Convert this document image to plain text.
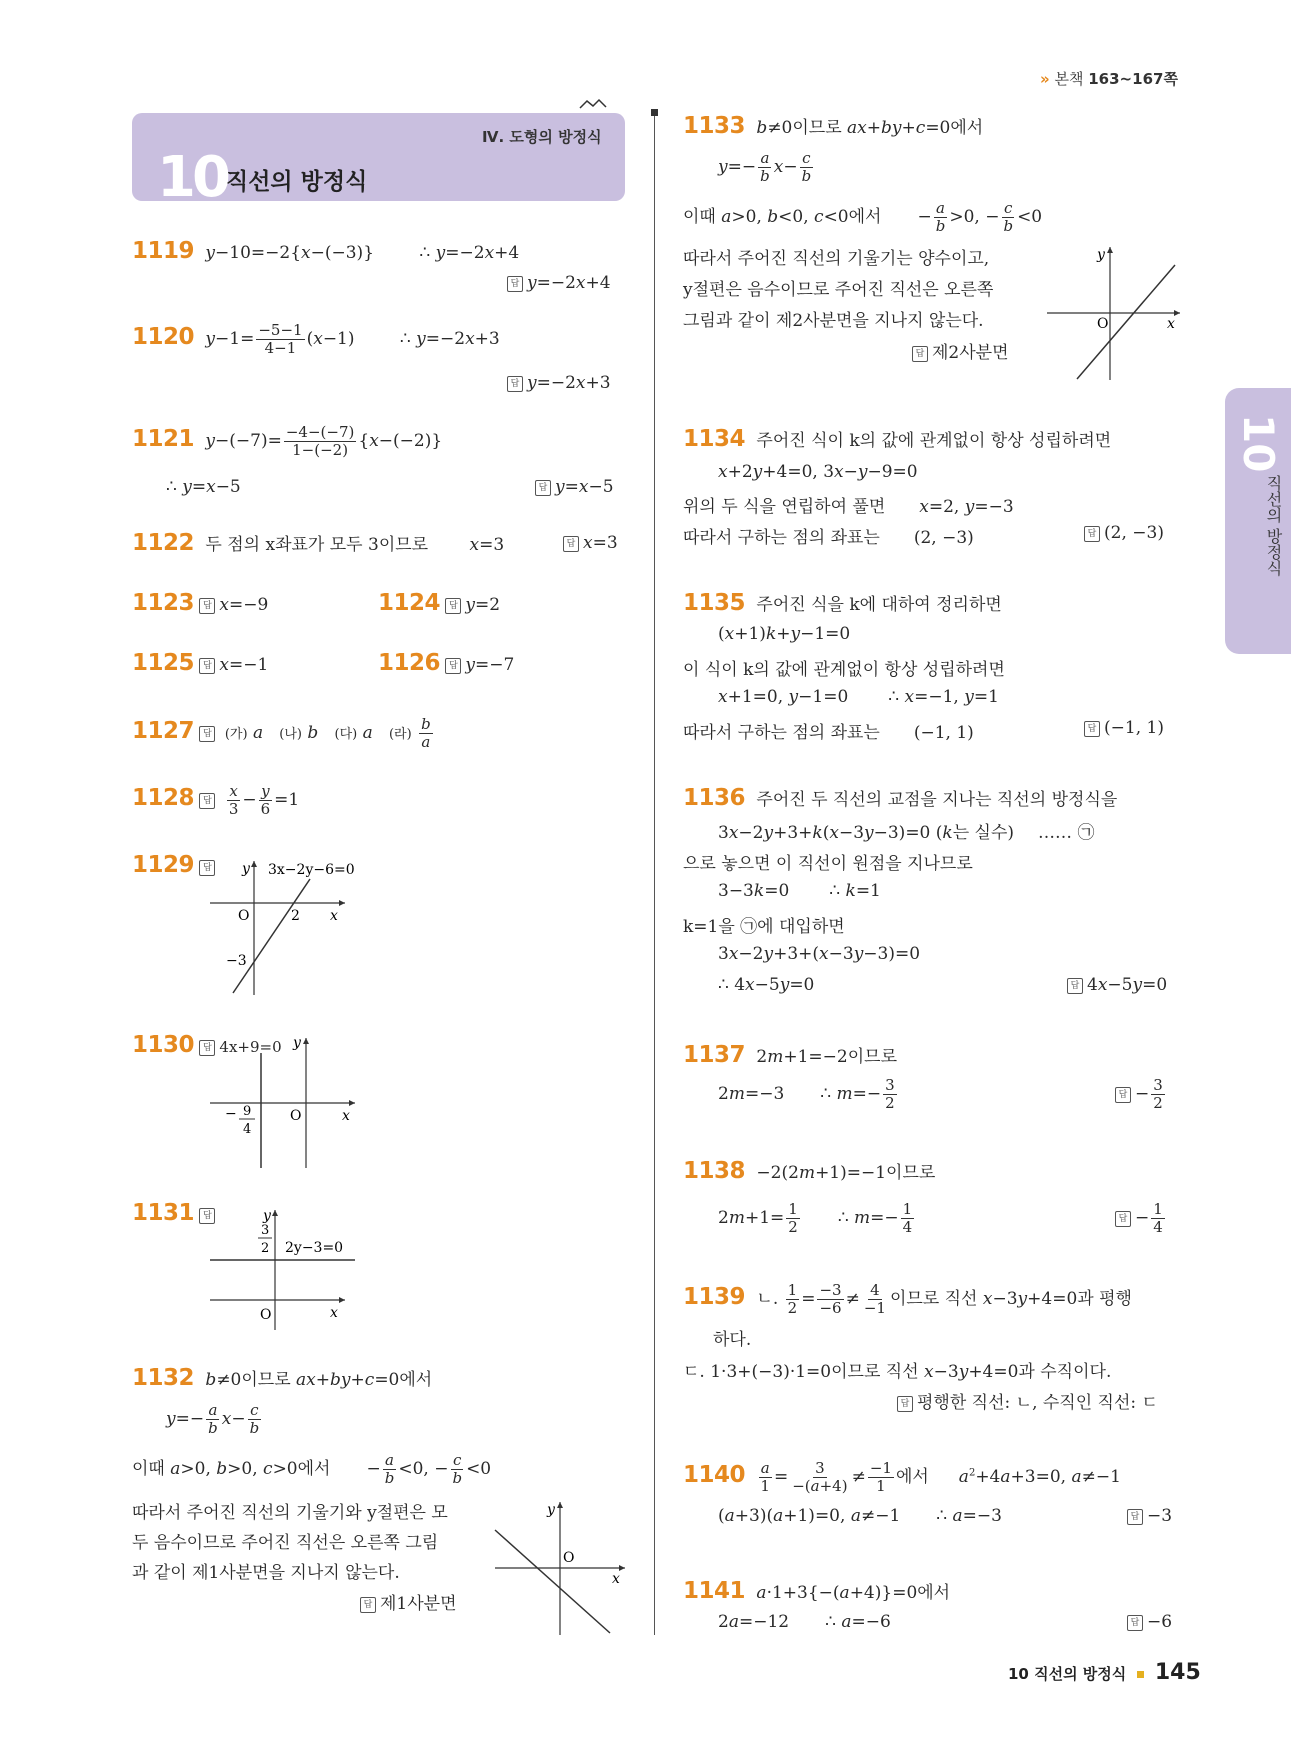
» 본책 163~167쪽
Ⅳ. 도형의 방정식
10 직선의 방정식
10
직선의 방정식
1119 y−10=−2{x−(−3)}	∴ y=−2x+4
답 y=−2x+4
1120 $y-1= \frac{-5-1}{4-1} (x-1)$	∴ y=−2x+3
답 y=−2x+3
1121 $y-(-7)= \frac{-4-(-7)}{1-(-2)} \{x-(-2)\}$
∴ y=x−5	답 y=x−5
1122 두 점의 x좌표가 모두 3이므로 x=3	답 x=3
1123 답 x=−9	1124 답 y=2
1125 답 x=−1	1126 답 y=−7
1127 답 (가) a (나) b (다) a (라) $\frac{b}{a}$
1128 답 $\frac{x}{3} - \frac{y}{6} =1$
1129 답	y 3x−2y−6=0
O	2 x
−3
1130 답 4x+9=0 y
O	x
− 9
4
1131 답	y
3
2 2y−3=0
O	x
1132 b≠0이므로 ax+by+c=0에서
$y=- \frac{a}{b} x- \frac{c}{b}$
이때 a>0, b>0, c>0에서 − $\frac{a}{b} <0$, − $\frac{c}{b} <0$
따라서 주어진 직선의 기울기와 y절편은 모
두 음수이므로 주어진 직선은 오른쪽 그림
과 같이 제1사분면을 지나지 않는다.
답 제1사분면
y
O
x
1133 b≠0이므로 ax+by+c=0에서
$y=- \frac{a}{b} x- \frac{c}{b}$
이때 a>0, b<0, c<0에서 − $\frac{a}{b} >0$, − $\frac{c}{b} <0$
따라서 주어진 직선의 기울기는 양수이고,
y절편은 음수이므로 주어진 직선은 오른쪽
그림과 같이 제2사분면을 지나지 않는다.
답 제2사분면
y
O	x
1134 주어진 식이 k의 값에 관계없이 항상 성립하려면
x+2y+4=0, 3x−y−9=0
위의 두 식을 연립하여 풀면 x=2, y=−3
따라서 구하는 점의 좌표는 (2, −3)	답 (2, −3)
1135 주어진 식을 k에 대하여 정리하면
(x+1)k+y−1=0
이 식이 k의 값에 관계없이 항상 성립하려면
x+1=0, y−1=0 ∴ x=−1, y=1
따라서 구하는 점의 좌표는 (−1, 1)	답 (−1, 1)
1136 주어진 두 직선의 교점을 지나는 직선의 방정식을
3x−2y+3+k(x−3y−3)=0 (k는 실수) …… ㉠
으로 놓으면 이 직선이 원점을 지나므로
3−3k=0 ∴ k=1
k=1을 ㉠에 대입하면
3x−2y+3+(x−3y−3)=0
∴ 4x−5y=0	답 4x−5y=0
1137 2m+1=−2이므로
2m=−3 ∴ $m=- \frac{3}{2}$	답 − $\frac{3}{2}$
1138 −2(2m+1)=−1이므로
$2m+1= \frac{1}{2}$ ∴ $m=- \frac{1}{4}$	답 − $\frac{1}{4}$
1139 ㄴ. $\frac{1}{2} = \frac{-3}{-6} \ne \frac{4}{-1}$ 이므로 직선 x−3y+4=0과 평행
하다.
ㄷ. 1·3+(−3)·1=0이므로 직선 x−3y+4=0과 수직이다.
답 평행한 직선: ㄴ, 수직인 직선: ㄷ
$1140 \frac{a}{1} = \frac{3}{-(a+4)} \ne \frac{-1}{1}$ 에서 $a^2+4a+3=0$, a≠−1
(a+3)(a+1)=0, a≠−1 ∴ a=−3	답 −3
1141 a·1+3{−(a+4)}=0에서
2a=−12 ∴ a=−6	답 −6
10 직선의 방정식 145
